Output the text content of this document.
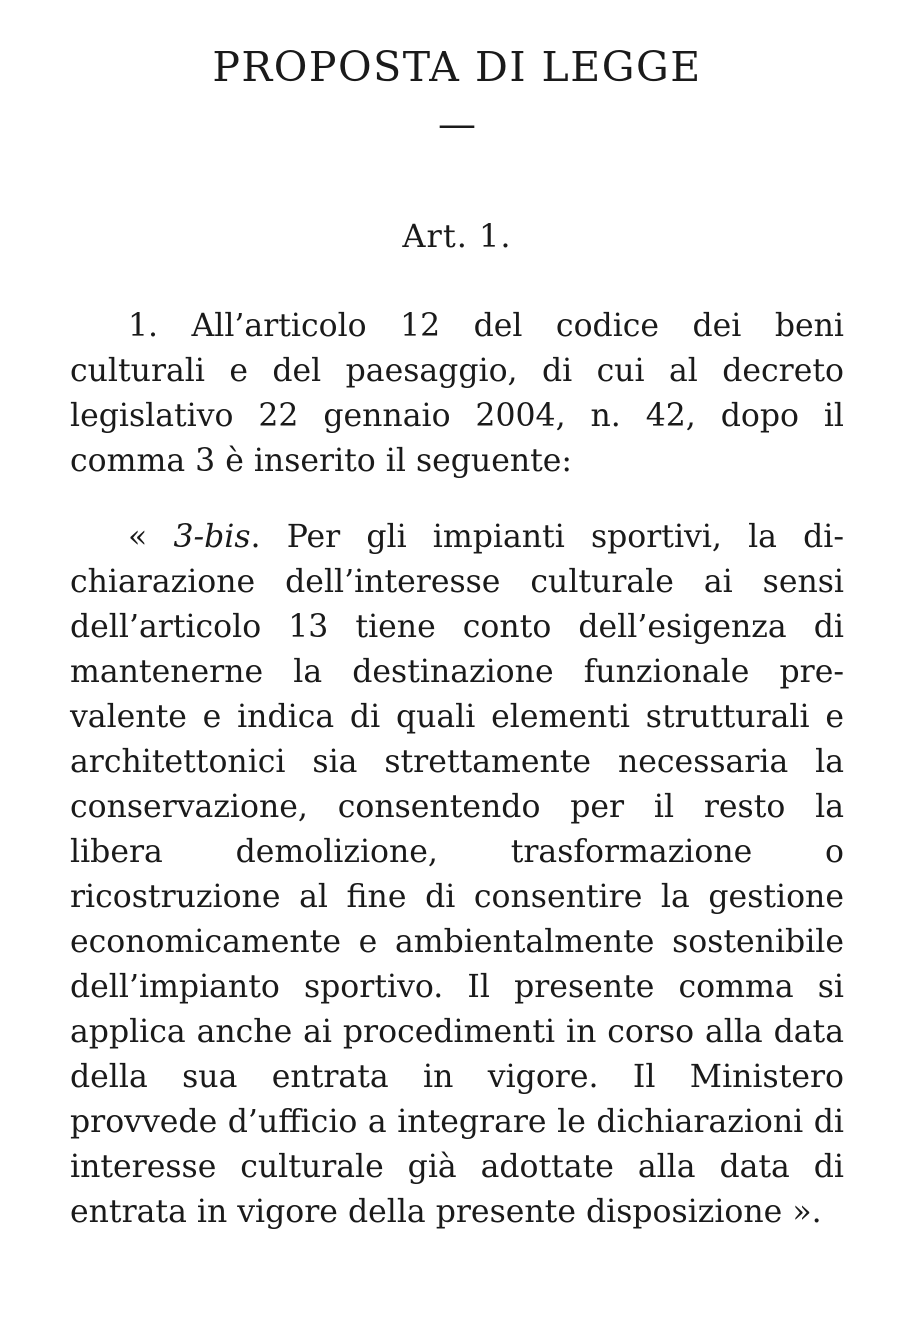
PROPOSTA DI LEGGE
—
Art. 1.

1. All’articolo 12 del codice dei beni culturali e del paesaggio, di cui al decreto legislativo 22 gennaio 2004, n. 42, dopo il comma 3 è inserito il seguente:

« 3-bis. Per gli impianti sportivi, la dichiarazione dell’interesse culturale ai sensi dell’articolo 13 tiene conto dell’esigenza di mantenerne la destinazione funzionale prevalente e indica di quali elementi strutturali e architettonici sia strettamente necessaria la conservazione, consentendo per il resto la libera demolizione, trasformazione o ricostruzione al fine di consentire la gestione economicamente e ambientalmente sostenibile dell’impianto sportivo. Il presente comma si applica anche ai procedimenti in corso alla data della sua entrata in vigore. Il Ministero provvede d’ufficio a integrare le dichiarazioni di interesse culturale già adottate alla data di entrata in vigore della presente disposizione ».
